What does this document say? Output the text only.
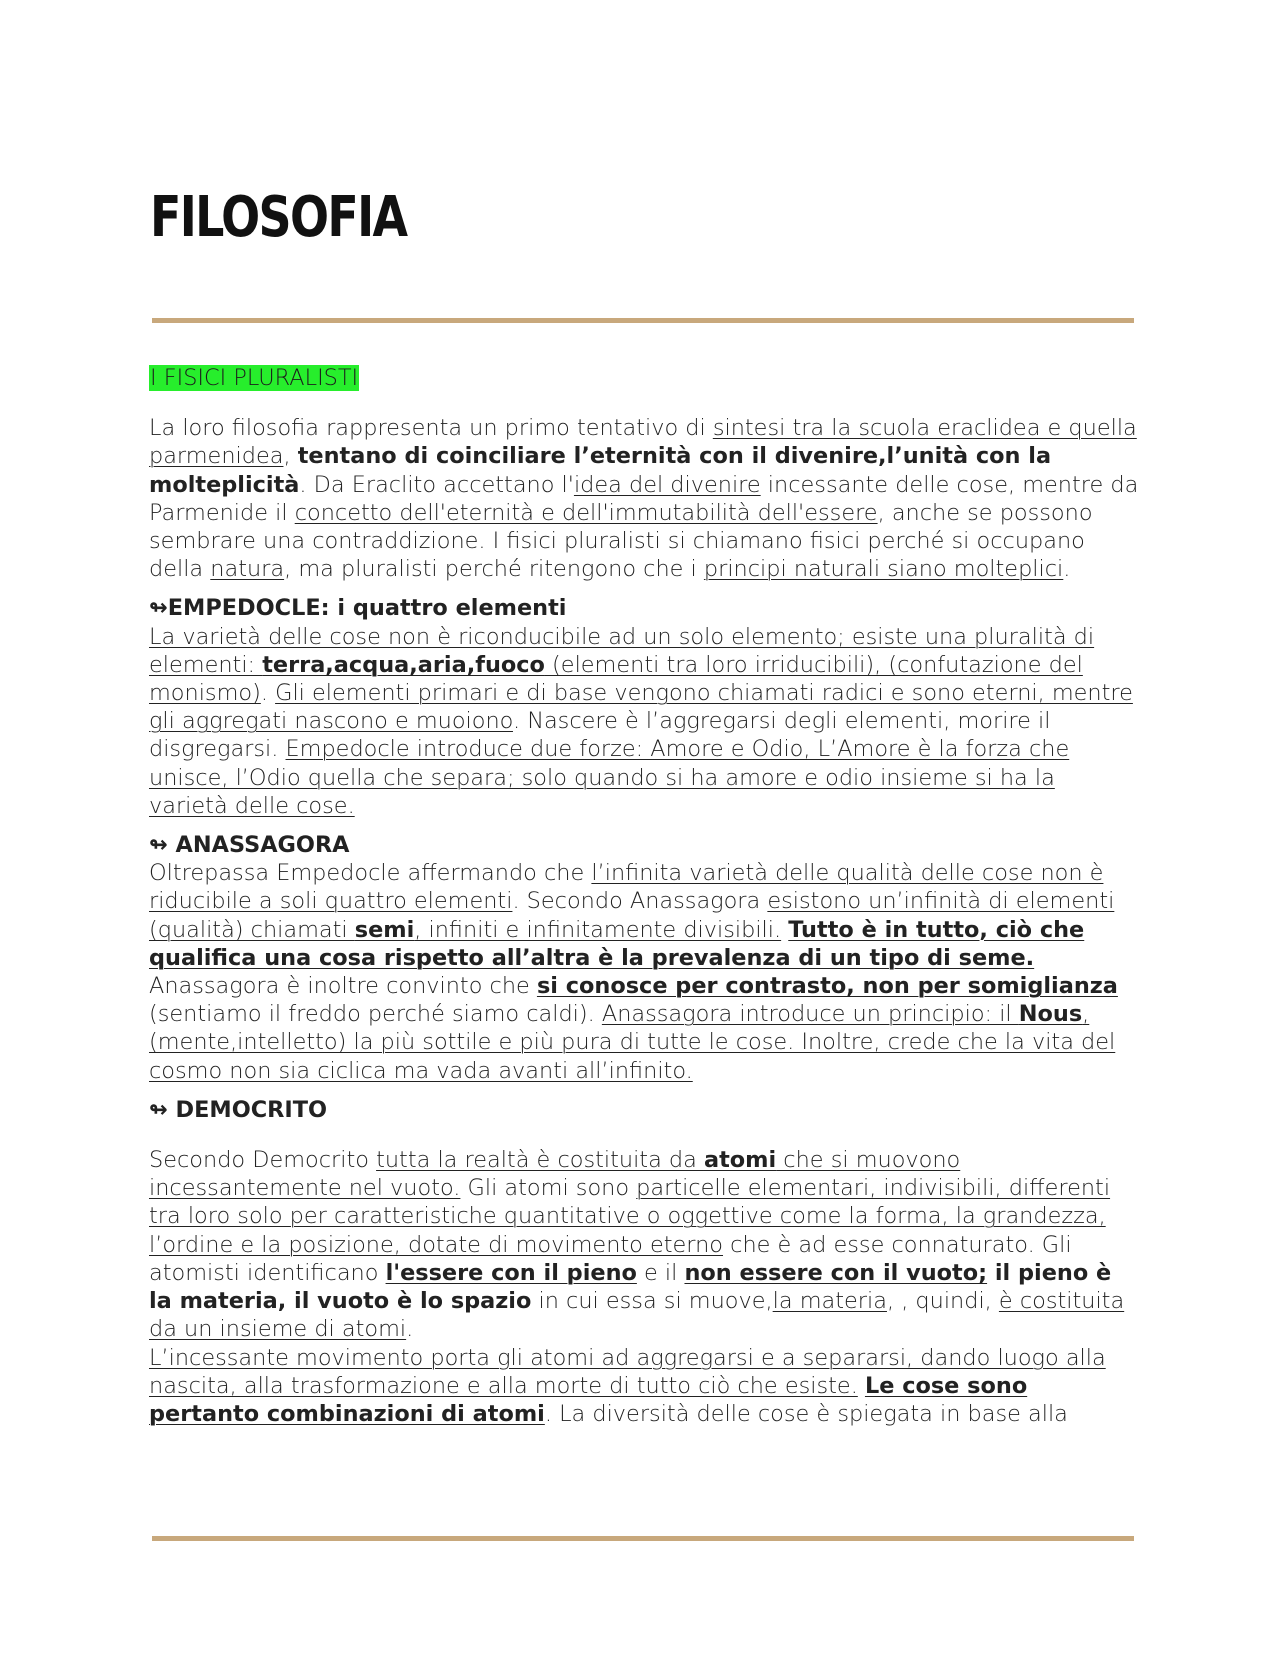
FILOSOFIA

I FISICI PLURALISTI

La loro filosofia rappresenta un primo tentativo di sintesi tra la scuola eraclidea e quella parmenidea, tentano di coinciliare l’eternità con il divenire,l’unità con la molteplicità. Da Eraclito accettano l'idea del divenire incessante delle cose, mentre da Parmenide il concetto dell'eternità e dell'immutabilità dell'essere, anche se possono sembrare una contraddizione. I fisici pluralisti si chiamano fisici perché si occupano della natura, ma pluralisti perché ritengono che i principi naturali siano molteplici.

↬EMPEDOCLE: i quattro elementi

La varietà delle cose non è riconducibile ad un solo elemento; esiste una pluralità di elementi: terra,acqua,aria,fuoco (elementi tra loro irriducibili), (confutazione del monismo). Gli elementi primari e di base vengono chiamati radici e sono eterni, mentre gli aggregati nascono e muoiono. Nascere è l’aggregarsi degli elementi, morire il disgregarsi. Empedocle introduce due forze: Amore e Odio, L’Amore è la forza che unisce, l’Odio quella che separa; solo quando si ha amore e odio insieme si ha la varietà delle cose.

↬ ANASSAGORA

Oltrepassa Empedocle affermando che l’infinita varietà delle qualità delle cose non è riducibile a soli quattro elementi. Secondo Anassagora esistono un’infinità di elementi (qualità) chiamati semi, infiniti e infinitamente divisibili. Tutto è in tutto, ciò che qualifica una cosa rispetto all’altra è la prevalenza di un tipo di seme. Anassagora è inoltre convinto che si conosce per contrasto, non per somiglianza (sentiamo il freddo perché siamo caldi). Anassagora introduce un principio: il Nous, (mente,intelletto) la più sottile e più pura di tutte le cose. Inoltre, crede che la vita del cosmo non sia ciclica ma vada avanti all’infinito.

↬ DEMOCRITO

Secondo Democrito tutta la realtà è costituita da atomi che si muovono incessantemente nel vuoto. Gli atomi sono particelle elementari, indivisibili, differenti tra loro solo per caratteristiche quantitative o oggettive come la forma, la grandezza, l’ordine e la posizione, dotate di movimento eterno che è ad esse connaturato. Gli atomisti identificano l'essere con il pieno e il non essere con il vuoto; il pieno è la materia, il vuoto è lo spazio in cui essa si muove,la materia, , quindi, è costituita da un insieme di atomi.

L’incessante movimento porta gli atomi ad aggregarsi e a separarsi, dando luogo alla nascita, alla trasformazione e alla morte di tutto ciò che esiste. Le cose sono pertanto combinazioni di atomi. La diversità delle cose è spiegata in base alla
